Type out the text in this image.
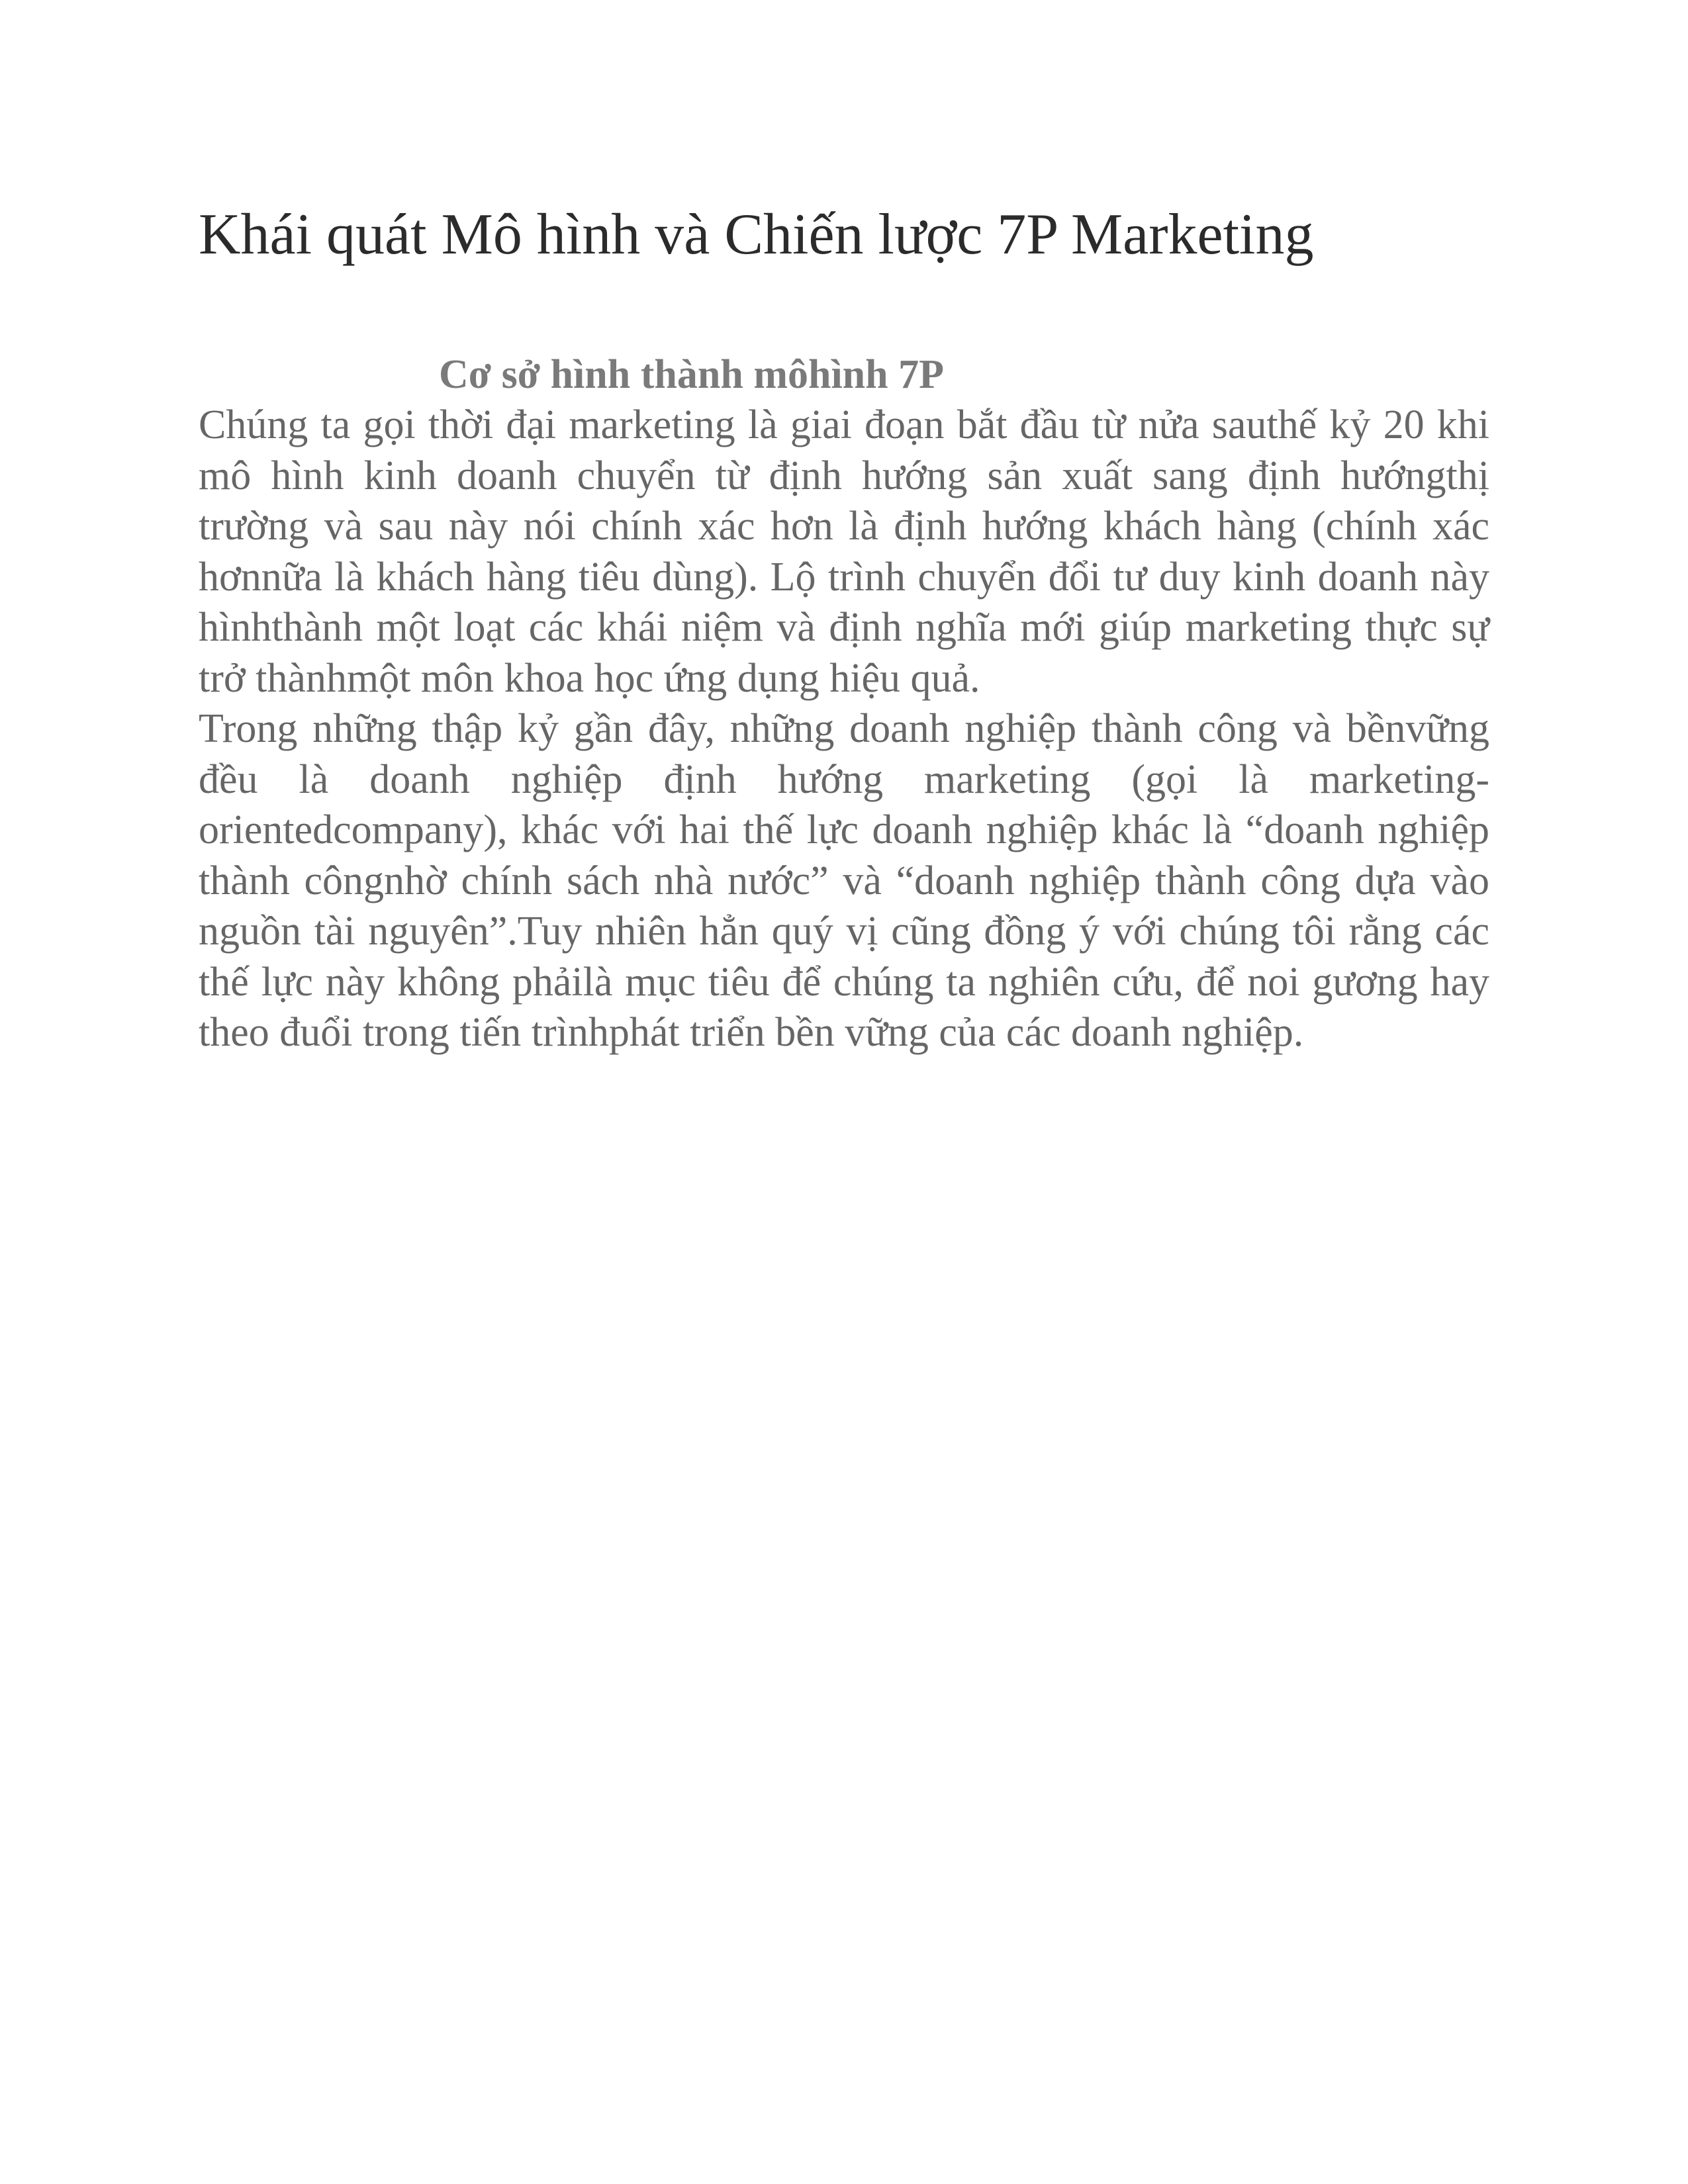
Khái quát Mô hình và Chiến lược 7P Marketing
Cơ sở hình thành môhình 7P

Chúng ta gọi thời đại marketing là giai đoạn bắt đầu từ nửa sauthế kỷ 20 khi mô hình kinh doanh chuyển từ định hướng sản xuất sang định hướngthị trường và sau này nói chính xác hơn là định hướng khách hàng (chính xác hơnnữa là khách hàng tiêu dùng). Lộ trình chuyển đổi tư duy kinh doanh này hìnhthành một loạt các khái niệm và định nghĩa mới giúp marketing thực sự trở thànhmột môn khoa học ứng dụng hiệu quả.

Trong những thập kỷ gần đây, những doanh nghiệp thành công và bềnvững đều là doanh nghiệp định hướng marketing (gọi là marketing-orientedcompany), khác với hai thế lực doanh nghiệp khác là “doanh nghiệp thành côngnhờ chính sách nhà nước” và “doanh nghiệp thành công dựa vào nguồn tài nguyên”.Tuy nhiên hẳn quý vị cũng đồng ý với chúng tôi rằng các thế lực này không phảilà mục tiêu để chúng ta nghiên cứu, để noi gương hay theo đuổi trong tiến trìnhphát triển bền vững của các doanh nghiệp.
